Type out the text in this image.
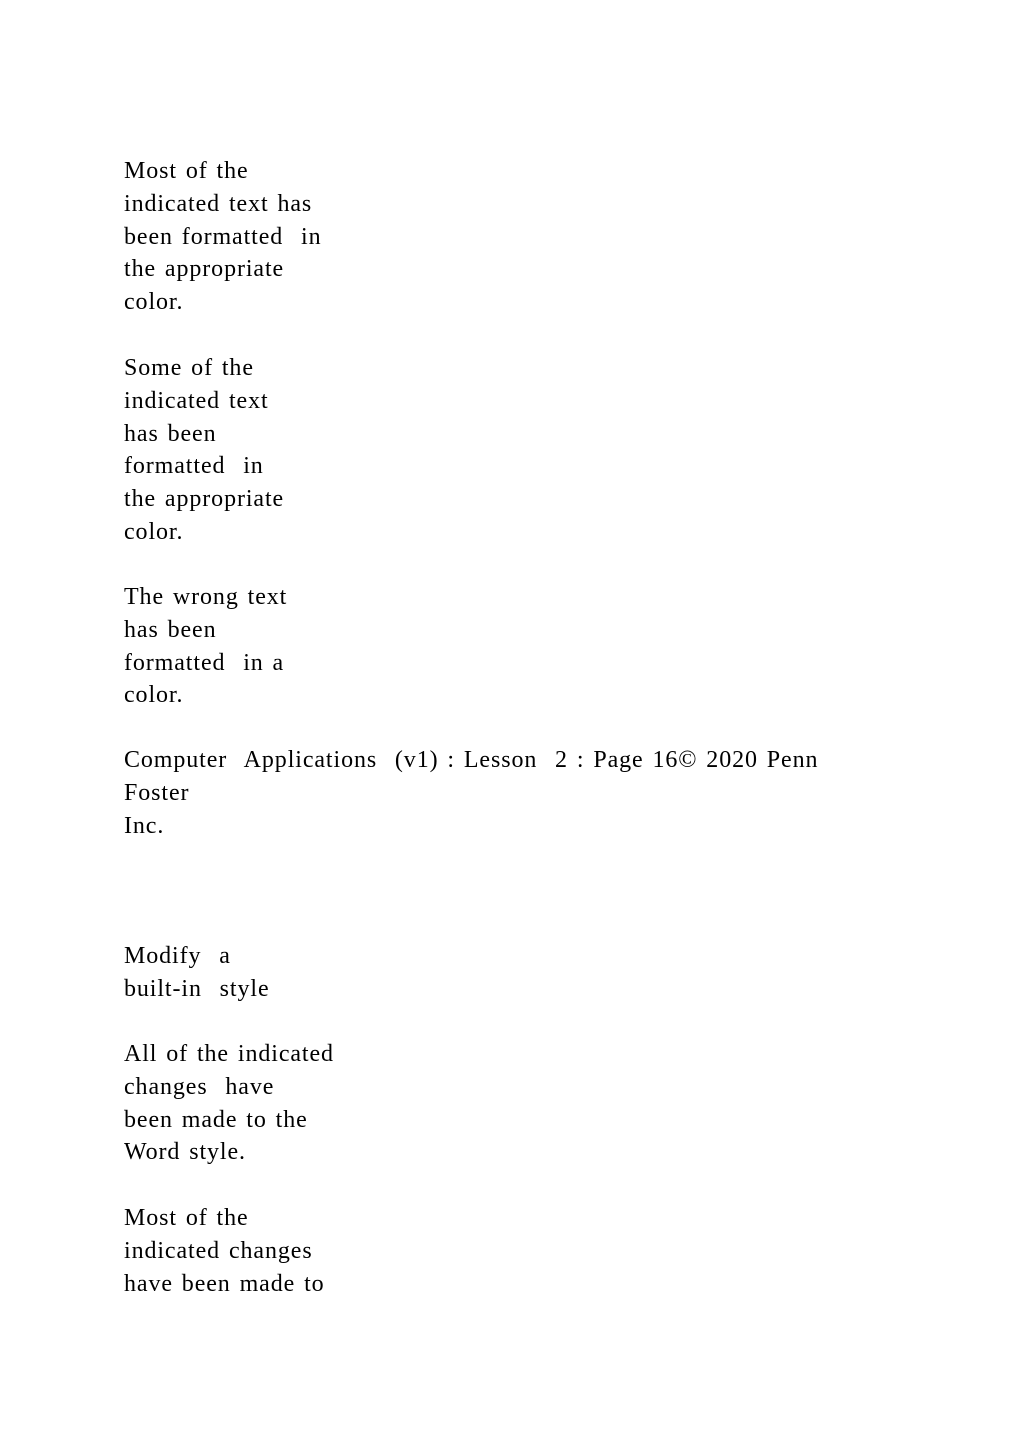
Most of the
indicated text has
been formatted  in
the appropriate
color.

Some of the
indicated text
has been
formatted  in
the appropriate
color.

The wrong text
has been
formatted  in a
color.

Computer  Applications  (v1) : Lesson  2 : Page 16© 2020 Penn
Foster
Inc.

Modify  a
built-in  style

All of the indicated
changes  have
been made to the
Word style.

Most of the
indicated changes
have been made to
